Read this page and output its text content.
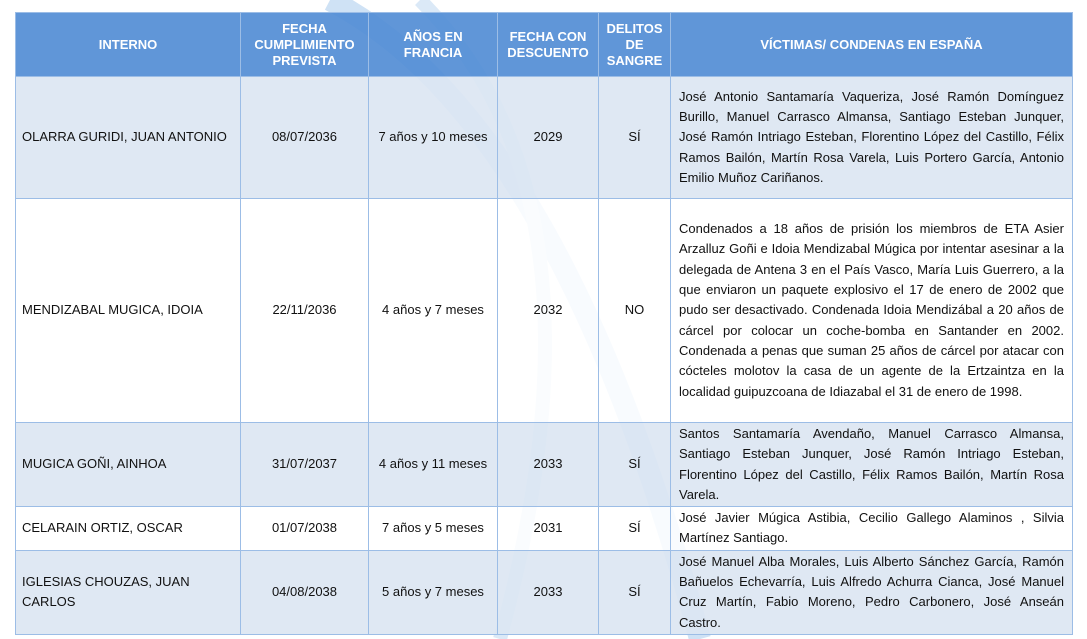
INTERNO	FECHA CUMPLIMIENTO PREVISTA	AÑOS EN FRANCIA	FECHA CON DESCUENTO	DELITOS DE SANGRE	VÍCTIMAS/ CONDENAS EN ESPAÑA
OLARRA GURIDI, JUAN ANTONIO	08/07/2036	7 años y 10 meses	2029	SÍ	José Antonio Santamaría Vaqueriza, José Ramón Domínguez Burillo, Manuel Carrasco Almansa, Santiago Esteban Junquer, José Ramón Intriago Esteban, Florentino López del Castillo, Félix Ramos Bailón, Martín Rosa Varela, Luis Portero García, Antonio Emilio Muñoz Cariñanos.
MENDIZABAL MUGICA, IDOIA	22/11/2036	4 años y 7 meses	2032	NO	Condenados a 18 años de prisión los miembros de ETA Asier Arzalluz Goñi e Idoia Mendizabal Múgica por intentar asesinar a la delegada de Antena 3 en el País Vasco, María Luis Guerrero, a la que enviaron un paquete explosivo el 17 de enero de 2002 que pudo ser desactivado. Condenada Idoia Mendizábal a 20 años de cárcel por colocar un coche-bomba en Santander en 2002. Condenada a penas que suman 25 años de cárcel por atacar con cócteles molotov la casa de un agente de la Ertzaintza en la localidad guipuzcoana de Idiazabal el 31 de enero de 1998.
MUGICA GOÑI, AINHOA	31/07/2037	4 años y 11 meses	2033	SÍ	Santos Santamaría Avendaño, Manuel Carrasco Almansa, Santiago Esteban Junquer, José Ramón Intriago Esteban, Florentino López del Castillo, Félix Ramos Bailón, Martín Rosa Varela.
CELARAIN ORTIZ, OSCAR	01/07/2038	7 años y 5 meses	2031	SÍ	José Javier Múgica Astibia, Cecilio Gallego Alaminos , Silvia Martínez Santiago.
IGLESIAS CHOUZAS, JUAN CARLOS	04/08/2038	5 años y 7 meses	2033	SÍ	José Manuel Alba Morales, Luis Alberto Sánchez García, Ramón Bañuelos Echevarría, Luis Alfredo Achurra Cianca, José Manuel Cruz Martín, Fabio Moreno, Pedro Carbonero, José Anseán Castro.
